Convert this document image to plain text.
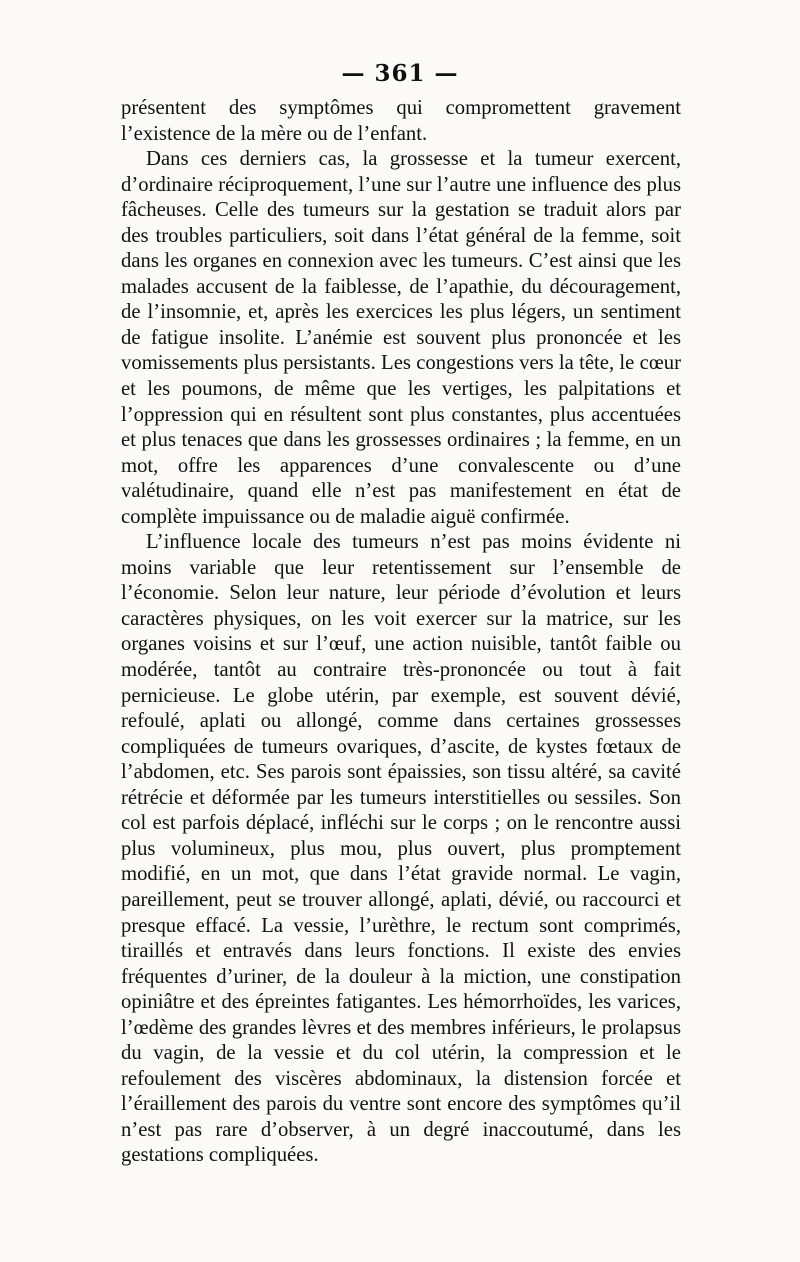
— 361 —

présentent des symptômes qui compromettent gravement l’existence de la mère ou de l’enfant.

Dans ces derniers cas, la grossesse et la tumeur exercent, d’ordinaire réciproquement, l’une sur l’autre une influence des plus fâcheuses. Celle des tumeurs sur la gestation se traduit alors par des troubles particuliers, soit dans l’état général de la femme, soit dans les organes en connexion avec les tumeurs. C’est ainsi que les malades accusent de la faiblesse, de l’apathie, du découragement, de l’insomnie, et, après les exercices les plus légers, un sentiment de fatigue insolite. L’anémie est souvent plus prononcée et les vomissements plus persistants. Les congestions vers la tête, le cœur et les poumons, de même que les vertiges, les palpitations et l’oppression qui en résultent sont plus constantes, plus accentuées et plus tenaces que dans les grossesses ordinaires ; la femme, en un mot, offre les apparences d’une convalescente ou d’une valétudinaire, quand elle n’est pas manifestement en état de complète impuissance ou de maladie aiguë confirmée.

L’influence locale des tumeurs n’est pas moins évidente ni moins variable que leur retentissement sur l’ensemble de l’économie. Selon leur nature, leur période d’évolution et leurs caractères physiques, on les voit exercer sur la matrice, sur les organes voisins et sur l’œuf, une action nuisible, tantôt faible ou modérée, tantôt au contraire très-prononcée ou tout à fait pernicieuse. Le globe utérin, par exemple, est souvent dévié, refoulé, aplati ou allongé, comme dans certaines grossesses compliquées de tumeurs ovariques, d’ascite, de kystes fœtaux de l’abdomen, etc. Ses parois sont épaissies, son tissu altéré, sa cavité rétrécie et déformée par les tumeurs interstitielles ou sessiles. Son col est parfois déplacé, infléchi sur le corps ; on le rencontre aussi plus volumineux, plus mou, plus ouvert, plus promptement modifié, en un mot, que dans l’état gravide normal. Le vagin, pareillement, peut se trouver allongé, aplati, dévié, ou raccourci et presque effacé. La vessie, l’urèthre, le rectum sont comprimés, tiraillés et entravés dans leurs fonctions. Il existe des envies fréquentes d’uriner, de la douleur à la miction, une constipation opiniâtre et des épreintes fatigantes. Les hémorrhoïdes, les varices, l’œdème des grandes lèvres et des membres inférieurs, le prolapsus du vagin, de la vessie et du col utérin, la compression et le refoulement des viscères abdominaux, la distension forcée et l’éraillement des parois du ventre sont encore des symptômes qu’il n’est pas rare d’observer, à un degré inaccoutumé, dans les gestations compliquées.
